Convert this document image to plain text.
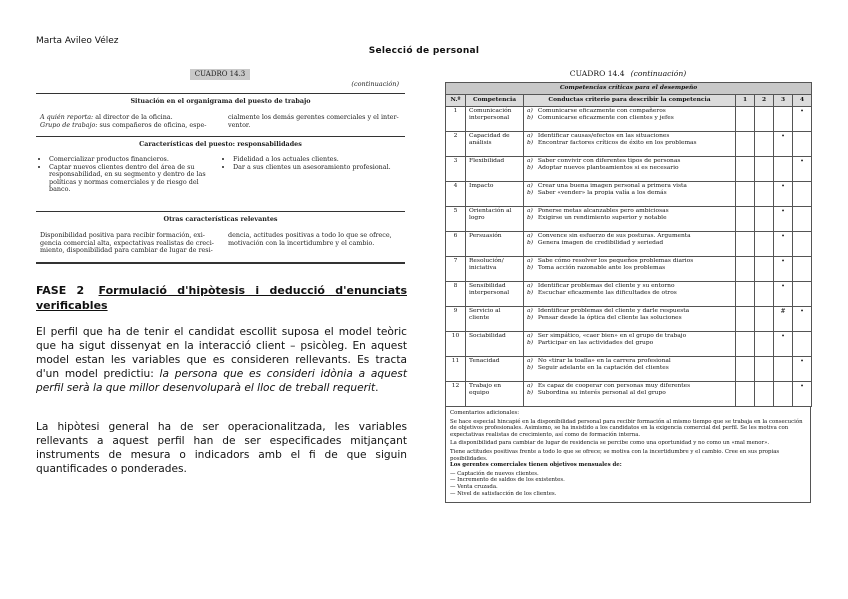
Marta Avileo Vélez
Selecció de personal
CUADRO 14.3
(continuación)
Situación en el organigrama del puesto de trabajo
A quién reporta: al director de la oficina.
Grupo de trabajo: sus compañeros de oficina, espe-
cialmente los demás gerentes comerciales y el inter-
ventor.
Características del puesto: responsabilidades
• Comercializar productos financieros.
• Captar nuevos clientes dentro del área de su responsabilidad, en su segmento y dentro de las políticas y normas comerciales y de riesgo del banco.
• Fidelidad a los actuales clientes.
• Dar a sus clientes un asesoramiento profesional.
Otras características relevantes
Disponibilidad positiva para recibir formación, exi-
gencia comercial alta, expectativas realistas de creci-
miento, disponibilidad para cambiar de lugar de resi-
dencia, actitudes positivas a todo lo que se ofrece,
motivación con la incertidumbre y el cambio.
FASE 2 Formulació d'hipòtesis i deducció d'enunciats verificables
El perfil que ha de tenir el candidat escollit suposa el model teòric que ha sigut dissenyat en la interacció client – psicòleg. En aquest model estan les variables que es consideren rellevants. Es tracta d'un model predictiu: la persona que es consideri idònia a aquest perfil serà la que millor desenvoluparà el lloc de treball requerit.
La hipòtesi general ha de ser operacionalitzada, les variables rellevants a aquest perfil han de ser especificades mitjançant instruments de mesura o indicadors amb el fi de que siguin quantificades o ponderades.
CUADRO 14.4 (continuación)
Competencias críticas para el desempeño						
N.º	Competencia	Conductas criterio para describir la competencia	1	2	3	4
1	Comunicación interpersonal	a) Comunicarse eficazmente con compañeros
b) Comunicarse eficazmente con clientes y jefes				•
2	Capacidad de análisis	a) Identificar causas/efectos en las situaciones
b) Encontrar factores críticos de éxito en los problemas			•	
3	Flexibilidad	a) Saber convivir con diferentes tipos de personas
b) Adoptar nuevos planteamientos si es necesario				•
4	Impacto	a) Crear una buena imagen personal a primera vista
b) Saber «vender» la propia valía a los demás			•	
5	Orientación al logro	a) Ponerse metas alcanzables pero ambiciosas
b) Exigirse un rendimiento superior y notable			•	
6	Persuasión	a) Convence sin esfuerzo de sus posturas. Argumenta
b) Genera imagen de credibilidad y seriedad			•	
7	Resolución/ iniciativa	a) Sabe cómo resolver los pequeños problemas diarios
b) Toma acción razonable ante los problemas			•	
8	Sensibilidad interpersonal	a) Identificar problemas del cliente y su entorno
b) Escuchar eficazmente las dificultades de otros			•	
9	Servicio al cliente	a) Identificar problemas del cliente y darle respuesta
b) Pensar desde la óptica del cliente las soluciones			#	•
10	Sociabilidad	a) Ser simpático, «caer bien» en el grupo de trabajo
b) Participar en las actividades del grupo			•	
11	Tenacidad	a) No «tirar la toalla» en la carrera profesional
b) Seguir adelante en la captación del clientes				•
12	Trabajo en equipo	a) Es capaz de cooperar con personas muy diferentes
b) Subordina su interés personal al del grupo				•

Comentarios adicionales:

Se hace especial hincapié en la disponibilidad personal para recibir formación al mismo tiempo que se trabaja en la consecución de objetivos profesionales. Asimismo, se ha insistido a los candidatos en la exigencia comercial del perfil. Se les motiva con expectativas realistas de crecimiento, así como de formación interna.

La disponibilidad para cambiar de lugar de residencia se percibe como una oportunidad y no como un «mal menor».

Tiene actitudes positivas frente a todo lo que se ofrece; se motiva con la incertidumbre y el cambio. Cree en sus propias posibilidades.

Los gerentes comerciales tienen objetivos mensuales de:

— Captación de nuevos clientes.
— Incremento de saldos de los existentes.
— Venta cruzada.
— Nivel de satisfacción de los clientes.
